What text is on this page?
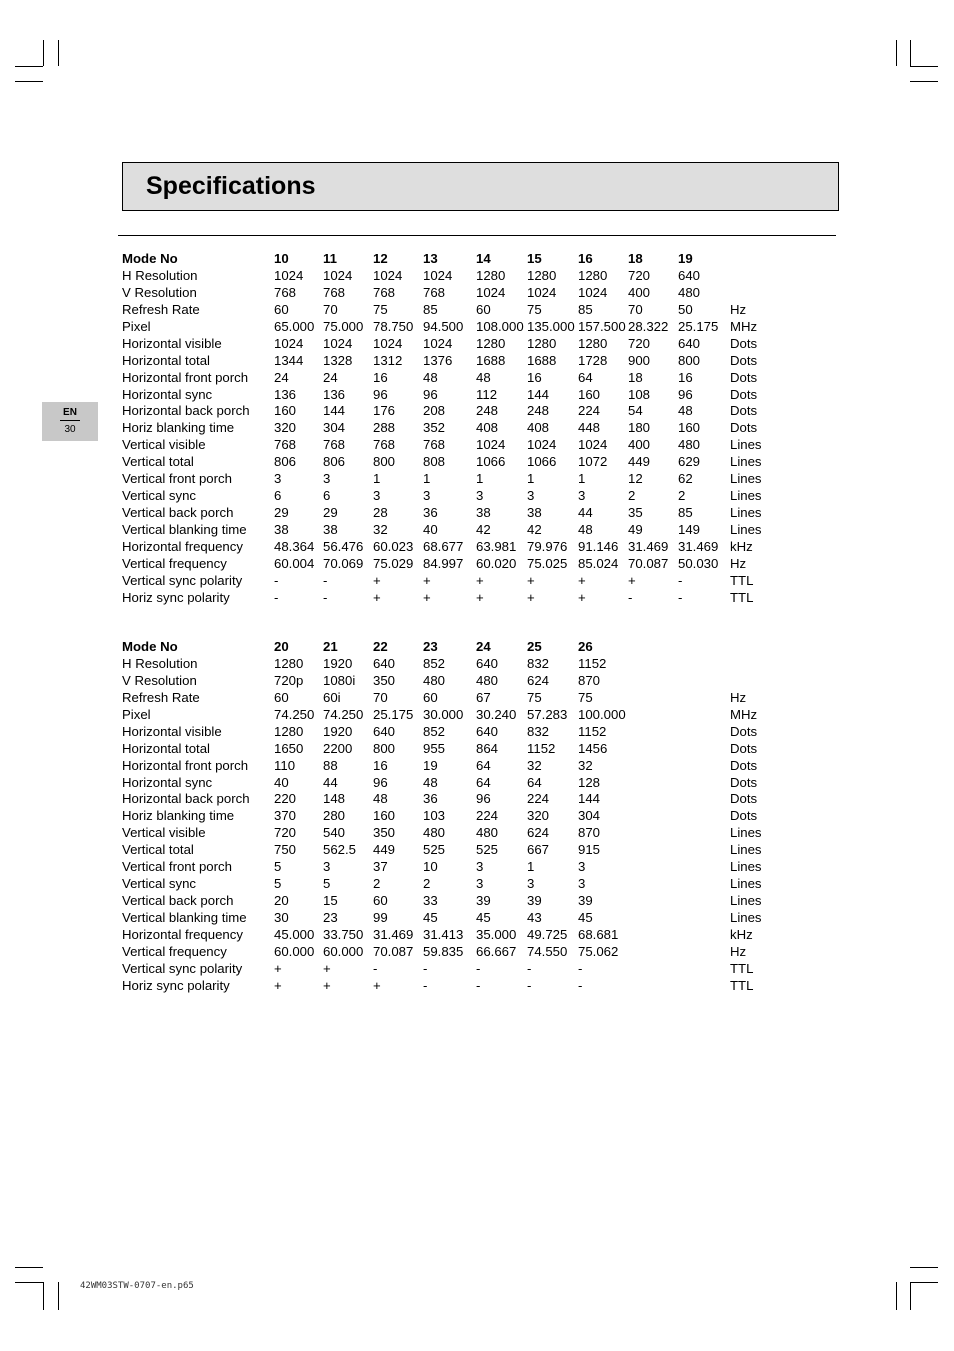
Specifications
EN
30
Mode No	10	11	12	13	14	15	16	18	19
H Resolution	1024 1024 1024 1024 1280 1280 1280 720 640
V Resolution	768 768 768 768 1024 1024 1024 400 480
Refresh Rate	60	70	75	85	60	75	85	70	50	Hz
Pixel	65.000 75.000 78.750 94.500 108.000 135.000 157.500 28.322 25.175 MHz
Horizontal visible	1024 1024 1024 1024 1280 1280 1280 720 640 Dots
Horizontal total	1344 1328 1312 1376 1688 1688 1728 900 800 Dots
Horizontal front porch 24	24	16	48	48	16	64	18	16	Dots
Horizontal sync	136 136 96	96	112 144 160 108 96	Dots
Horizontal back porch 160 144 176 208 248 248 224 54	48	Dots
Horiz blanking time	320 304 288 352 408 408 448 180 160 Dots
Vertical visible	768 768 768 768 1024 1024 1024 400 480 Lines
Vertical total	806 806 800 808 1066 1066 1072 449 629 Lines
Vertical front porch	3	3	1	1	1	1	1	12	62	Lines
Vertical sync	6	6	3	3	3	3	3	2	2	Lines
Vertical back porch	29	29	28	36	38	38	44	35	85	Lines
Vertical blanking time 38	38	32	40	42	42	48	49	149 Lines
Horizontal frequency 48.364 56.476 60.023 68.677 63.981 79.976 91.146 31.469 31.469 kHz
Vertical frequency	60.004 70.069 75.029 84.997 60.020 75.025 85.024 70.087 50.030 Hz
Vertical sync polarity -	-	+	+	+	+	+	+	-	TTL
Horiz sync polarity	-	-	+	+	+	+	+	-	-	TTL
Mode No	20	21	22	23	24	25	26
H Resolution	1280 1920 640 852 640 832 1152
V Resolution	720p 1080i 350 480 480 624 870
Refresh Rate	60	60i 70	60	67	75	75	Hz
Pixel	74.250 74.250 25.175 30.000 30.240 57.283 100.000	MHz
Horizontal visible	1280 1920 640 852 640 832 1152	Dots
Horizontal total	1650 2200 800 955 864 1152 1456	Dots
Horizontal front porch 110 88	16	19	64	32	32	Dots
Horizontal sync	40	44	96	48	64	64	128	Dots
Horizontal back porch 220 148 48	36	96	224 144	Dots
Horiz blanking time	370 280 160 103 224 320 304	Dots
Vertical visible	720 540 350 480 480 624 870	Lines
Vertical total	750 562.5 449 525 525 667 915	Lines
Vertical front porch	5	3	37	10	3	1	3	Lines
Vertical sync	5	5	2	2	3	3	3	Lines
Vertical back porch	20	15	60	33	39	39	39	Lines
Vertical blanking time 30	23	99	45	45	43	45	Lines
Horizontal frequency 45.000 33.750 31.469 31.413 35.000 49.725 68.681	kHz
Vertical frequency	60.000 60.000 70.087 59.835 66.667 74.550 75.062	Hz
Vertical sync polarity +	+	-	-	-	-	-	TTL
Horiz sync polarity	+	+	+	-	-	-	-	TTL
42WM03STW-0707-en.p65
